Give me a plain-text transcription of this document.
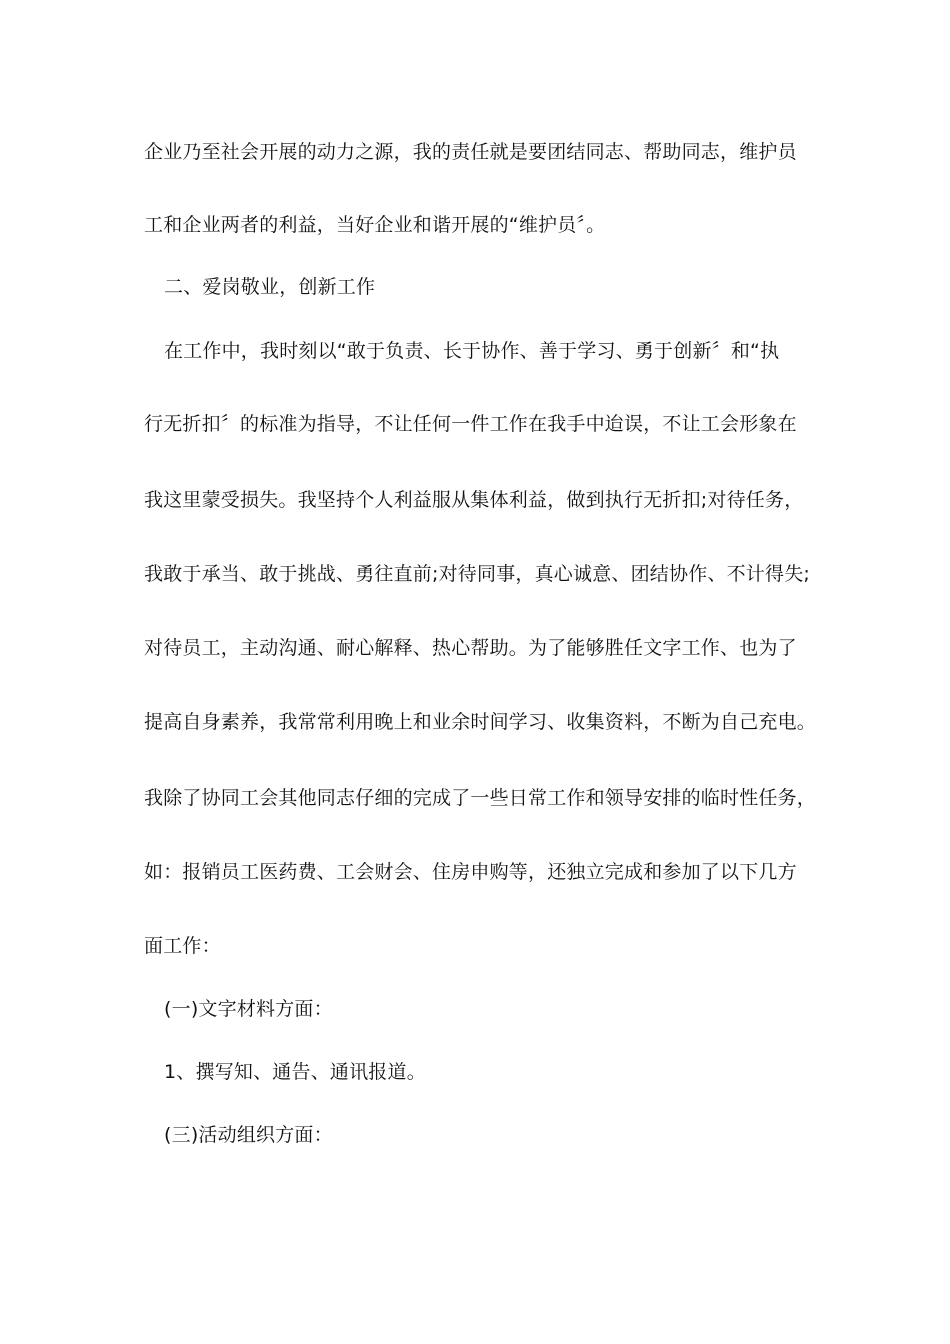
企业乃至社会开展的动力之源，我的责任就是要团结同志、帮助同志，维护员
工和企业两者的利益，当好企业和谐开展的“维护员〞。
二、爱岗敬业，创新工作
在工作中，我时刻以“敢于负责、长于协作、善于学习、勇于创新〞和“执
行无折扣〞的标准为指导，不让任何一件工作在我手中迨误，不让工会形象在
我这里蒙受损失。我坚持个人利益服从集体利益，做到执行无折扣;对待任务，
我敢于承当、敢于挑战、勇往直前;对待同事，真心诚意、团结协作、不计得失;
对待员工，主动沟通、耐心解释、热心帮助。为了能够胜任文字工作、也为了
提高自身素养，我常常利用晚上和业余时间学习、收集资料，不断为自己充电。
我除了协同工会其他同志仔细的完成了一些日常工作和领导安排的临时性任务，
如：报销员工医药费、工会财会、住房申购等，还独立完成和参加了以下几方
面工作：
(一)文字材料方面：
1、撰写知、通告、通讯报道。
(三)活动组织方面：
